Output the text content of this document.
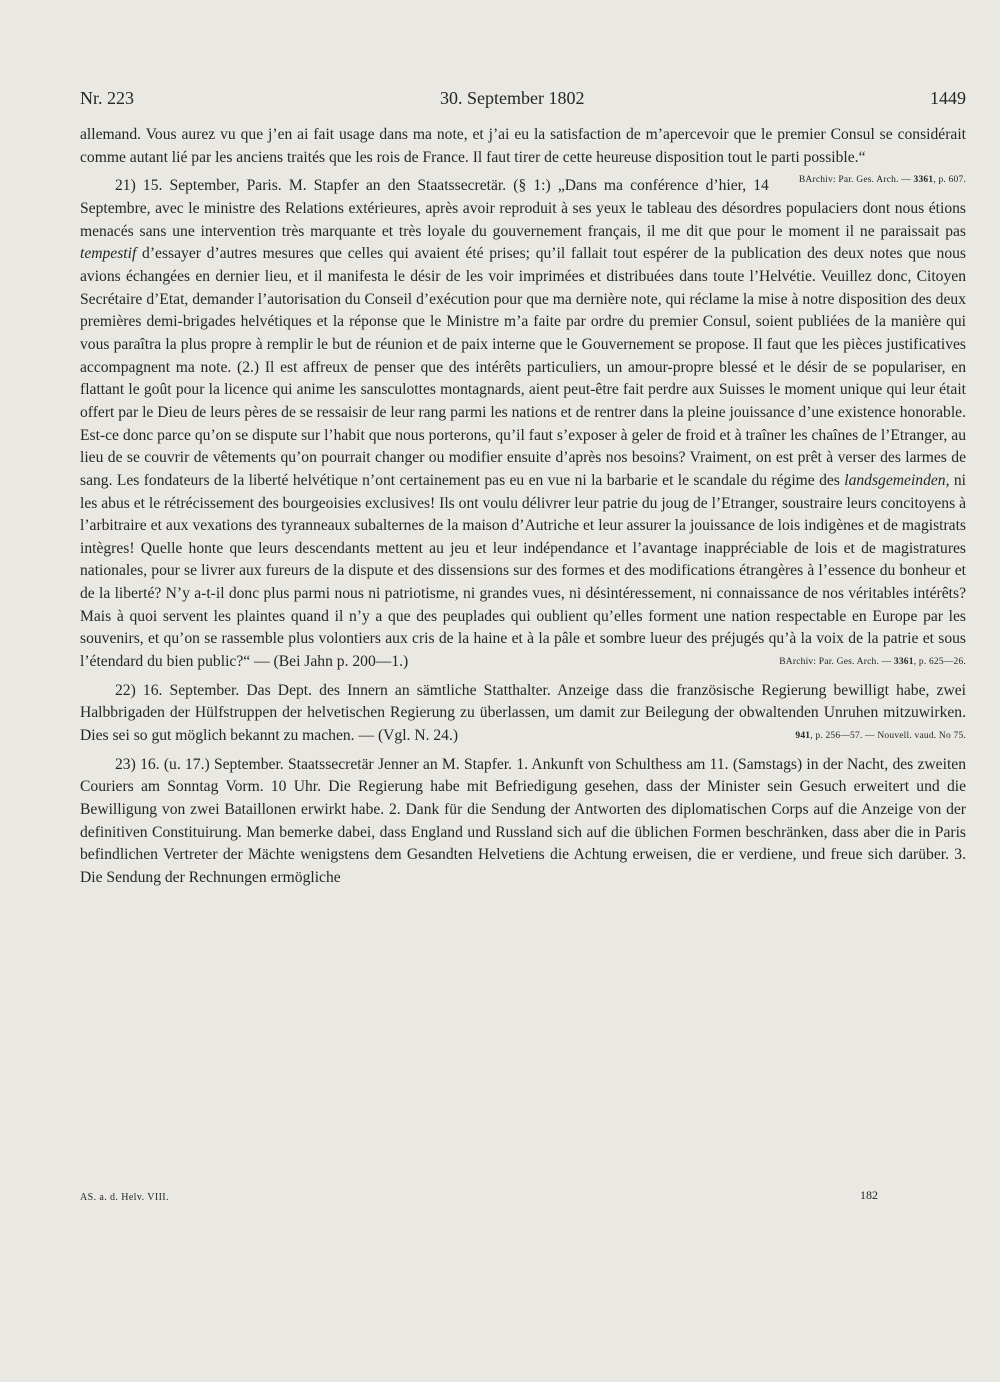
Nr. 223	30. September 1802	1449

allemand. Vous aurez vu que j’en ai fait usage dans ma note, et j’ai eu la satisfaction de m’apercevoir que le premier Consul se considérait comme autant lié par les anciens traités que les rois de France. Il faut tirer de cette heureuse disposition tout le parti possible.“
BArchiv: Par. Ges. Arch. — 3361, p. 607.

21) 15. September, Paris. M. Stapfer an den Staatssecretär. (§ 1:) „Dans ma conférence d’hier, 14 Septembre, avec le ministre des Relations extérieures, après avoir reproduit à ses yeux le tableau des désordres populaciers dont nous étions menacés sans une intervention très marquante et très loyale du gouvernement français, il me dit que pour le moment il ne paraissait pas tempestif d’essayer d’autres mesures que celles qui avaient été prises; qu’il fallait tout espérer de la publication des deux notes que nous avions échangées en dernier lieu, et il manifesta le désir de les voir imprimées et distribuées dans toute l’Helvétie. Veuillez donc, Citoyen Secrétaire d’Etat, demander l’autorisation du Conseil d’exécution pour que ma dernière note, qui réclame la mise à notre disposition des deux premières demi-brigades helvétiques et la réponse que le Ministre m’a faite par ordre du premier Consul, soient publiées de la manière qui vous paraîtra la plus propre à remplir le but de réunion et de paix interne que le Gouvernement se propose. Il faut que les pièces justificatives accompagnent ma note. (2.) Il est affreux de penser que des intérêts particuliers, un amour-propre blessé et le désir de se populariser, en flattant le goût pour la licence qui anime les sansculottes montagnards, aient peut-être fait perdre aux Suisses le moment unique qui leur était offert par le Dieu de leurs pères de se ressaisir de leur rang parmi les nations et de rentrer dans la pleine jouissance d’une existence honorable. Est-ce donc parce qu’on se dispute sur l’habit que nous porterons, qu’il faut s’exposer à geler de froid et à traîner les chaînes de l’Etranger, au lieu de se couvrir de vêtements qu’on pourrait changer ou modifier ensuite d’après nos besoins? Vraiment, on est prêt à verser des larmes de sang. Les fondateurs de la liberté helvétique n’ont certainement pas eu en vue ni la barbarie et le scandale du régime des landsgemeinden, ni les abus et le rétrécissement des bourgeoisies exclusives! Ils ont voulu délivrer leur patrie du joug de l’Etranger, soustraire leurs concitoyens à l’arbitraire et aux vexations des tyranneaux subalternes de la maison d’Autriche et leur assurer la jouissance de lois indigènes et de magistrats intègres! Quelle honte que leurs descendants mettent au jeu et leur indépendance et l’avantage inappréciable de lois et de magistratures nationales, pour se livrer aux fureurs de la dispute et des dissensions sur des formes et des modifications étrangères à l’essence du bonheur et de la liberté? N’y a-t-il donc plus parmi nous ni patriotisme, ni grandes vues, ni désintéressement, ni connaissance de nos véritables intérêts? Mais à quoi servent les plaintes quand il n’y a que des peuplades qui oublient qu’elles forment une nation respectable en Europe par les souvenirs, et qu’on se rassemble plus volontiers aux cris de la haine et à la pâle et sombre lueur des préjugés qu’à la voix de la patrie et sous l’étendard du bien public?“ — (Bei Jahn p. 200—1.)	BArchiv: Par. Ges. Arch. — 3361, p. 625—26.

22) 16. September. Das Dept. des Innern an sämtliche Statthalter. Anzeige dass die französische Regierung bewilligt habe, zwei Halbbrigaden der Hülfstruppen der helvetischen Regierung zu überlassen, um damit zur Beilegung der obwaltenden Unruhen mitzuwirken. Dies sei so gut möglich bekannt zu machen. — (Vgl. N. 24.)	941, p. 256—57. — Nouvell. vaud. No 75.

23) 16. (u. 17.) September. Staatssecretär Jenner an M. Stapfer. 1. Ankunft von Schulthess am 11. (Samstags) in der Nacht, des zweiten Couriers am Sonntag Vorm. 10 Uhr. Die Regierung habe mit Befriedigung gesehen, dass der Minister sein Gesuch erweitert und die Bewilligung von zwei Bataillonen erwirkt habe. 2. Dank für die Sendung der Antworten des diplomatischen Corps auf die Anzeige von der definitiven Constituirung. Man bemerke dabei, dass England und Russland sich auf die üblichen Formen beschränken, dass aber die in Paris befindlichen Vertreter der Mächte wenigstens dem Gesandten Helvetiens die Achtung erweisen, die er verdiene, und freue sich darüber. 3. Die Sendung der Rechnungen ermögliche

AS. a. d. Helv. VIII.	182
